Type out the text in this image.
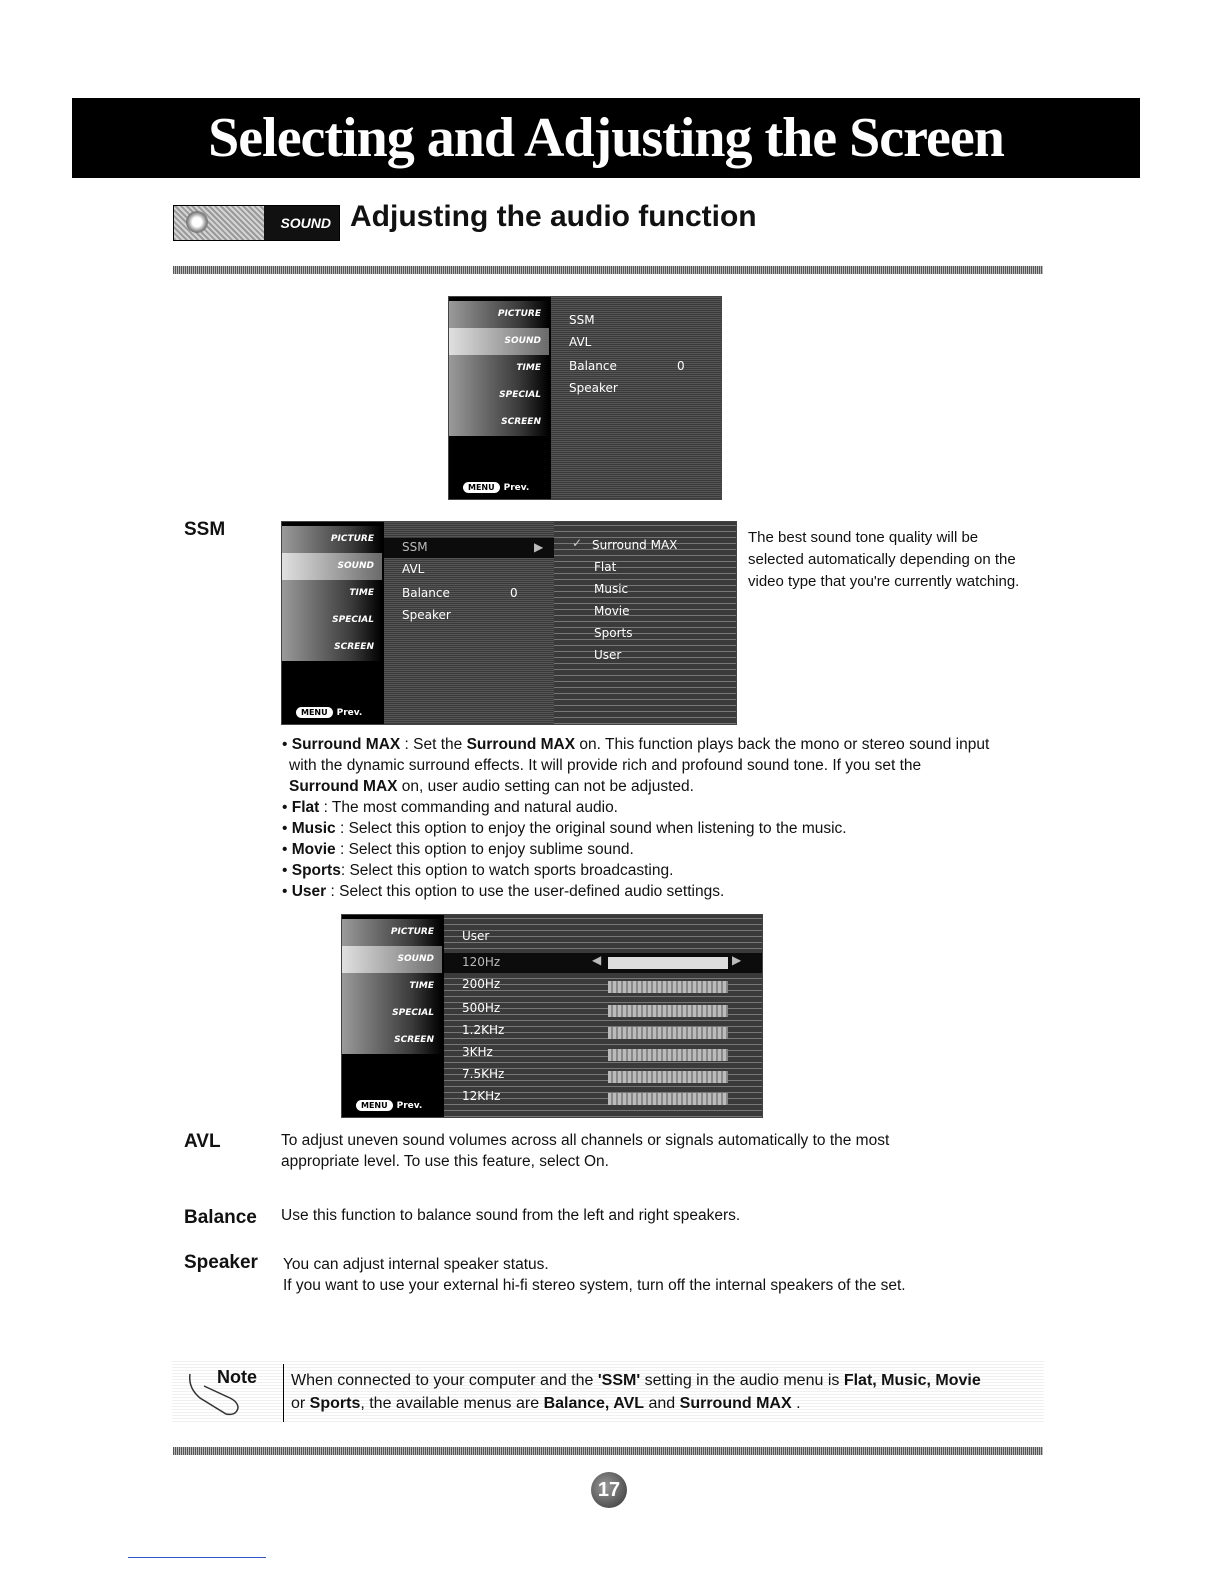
Selecting and Adjusting the Screen
SOUND Adjusting the audio function
PICTURE
SOUND
TIME
SPECIAL
SCREEN
MENU	Prev.
SSM
AVL
Balance	0
Speaker
SSM	PICTURE
SOUND
TIME
SPECIAL
SCREEN
MENU	Prev.
SSM	▶
AVL
Balance	0
Speaker
✓ Surround MAX
Flat
Music
Movie
Sports
User
The best sound tone quality will be selected automatically depending on the video type that you're currently watching.
• Surround MAX : Set the Surround MAX on. This function plays back the mono or stereo sound input
with the dynamic surround effects. It will provide rich and profound sound tone. If you set the
Surround MAX on, user audio setting can not be adjusted.
• Flat : The most commanding and natural audio.
• Music : Select this option to enjoy the original sound when listening to the music.
• Movie : Select this option to enjoy sublime sound.
• Sports: Select this option to watch sports broadcasting.
• User : Select this option to use the user-defined audio settings.
PICTURE
SOUND
TIME
SPECIAL
SCREEN
MENU	Prev.
User
120Hz	◀	▶
200Hz
500Hz
1.2KHz
3KHz
7.5KHz
12KHz
AVL	To adjust uneven sound volumes across all channels or signals automatically to the most
appropriate level. To use this feature, select On.
Balance Use this function to balance sound from the left and right speakers.
Speaker You can adjust internal speaker status.
If you want to use your external hi-fi stereo system, turn off the internal speakers of the set.
Note When connected to your computer and the 'SSM' setting in the audio menu is Flat, Music, Movie
or Sports, the available menus are Balance, AVL and Surround MAX .
17
